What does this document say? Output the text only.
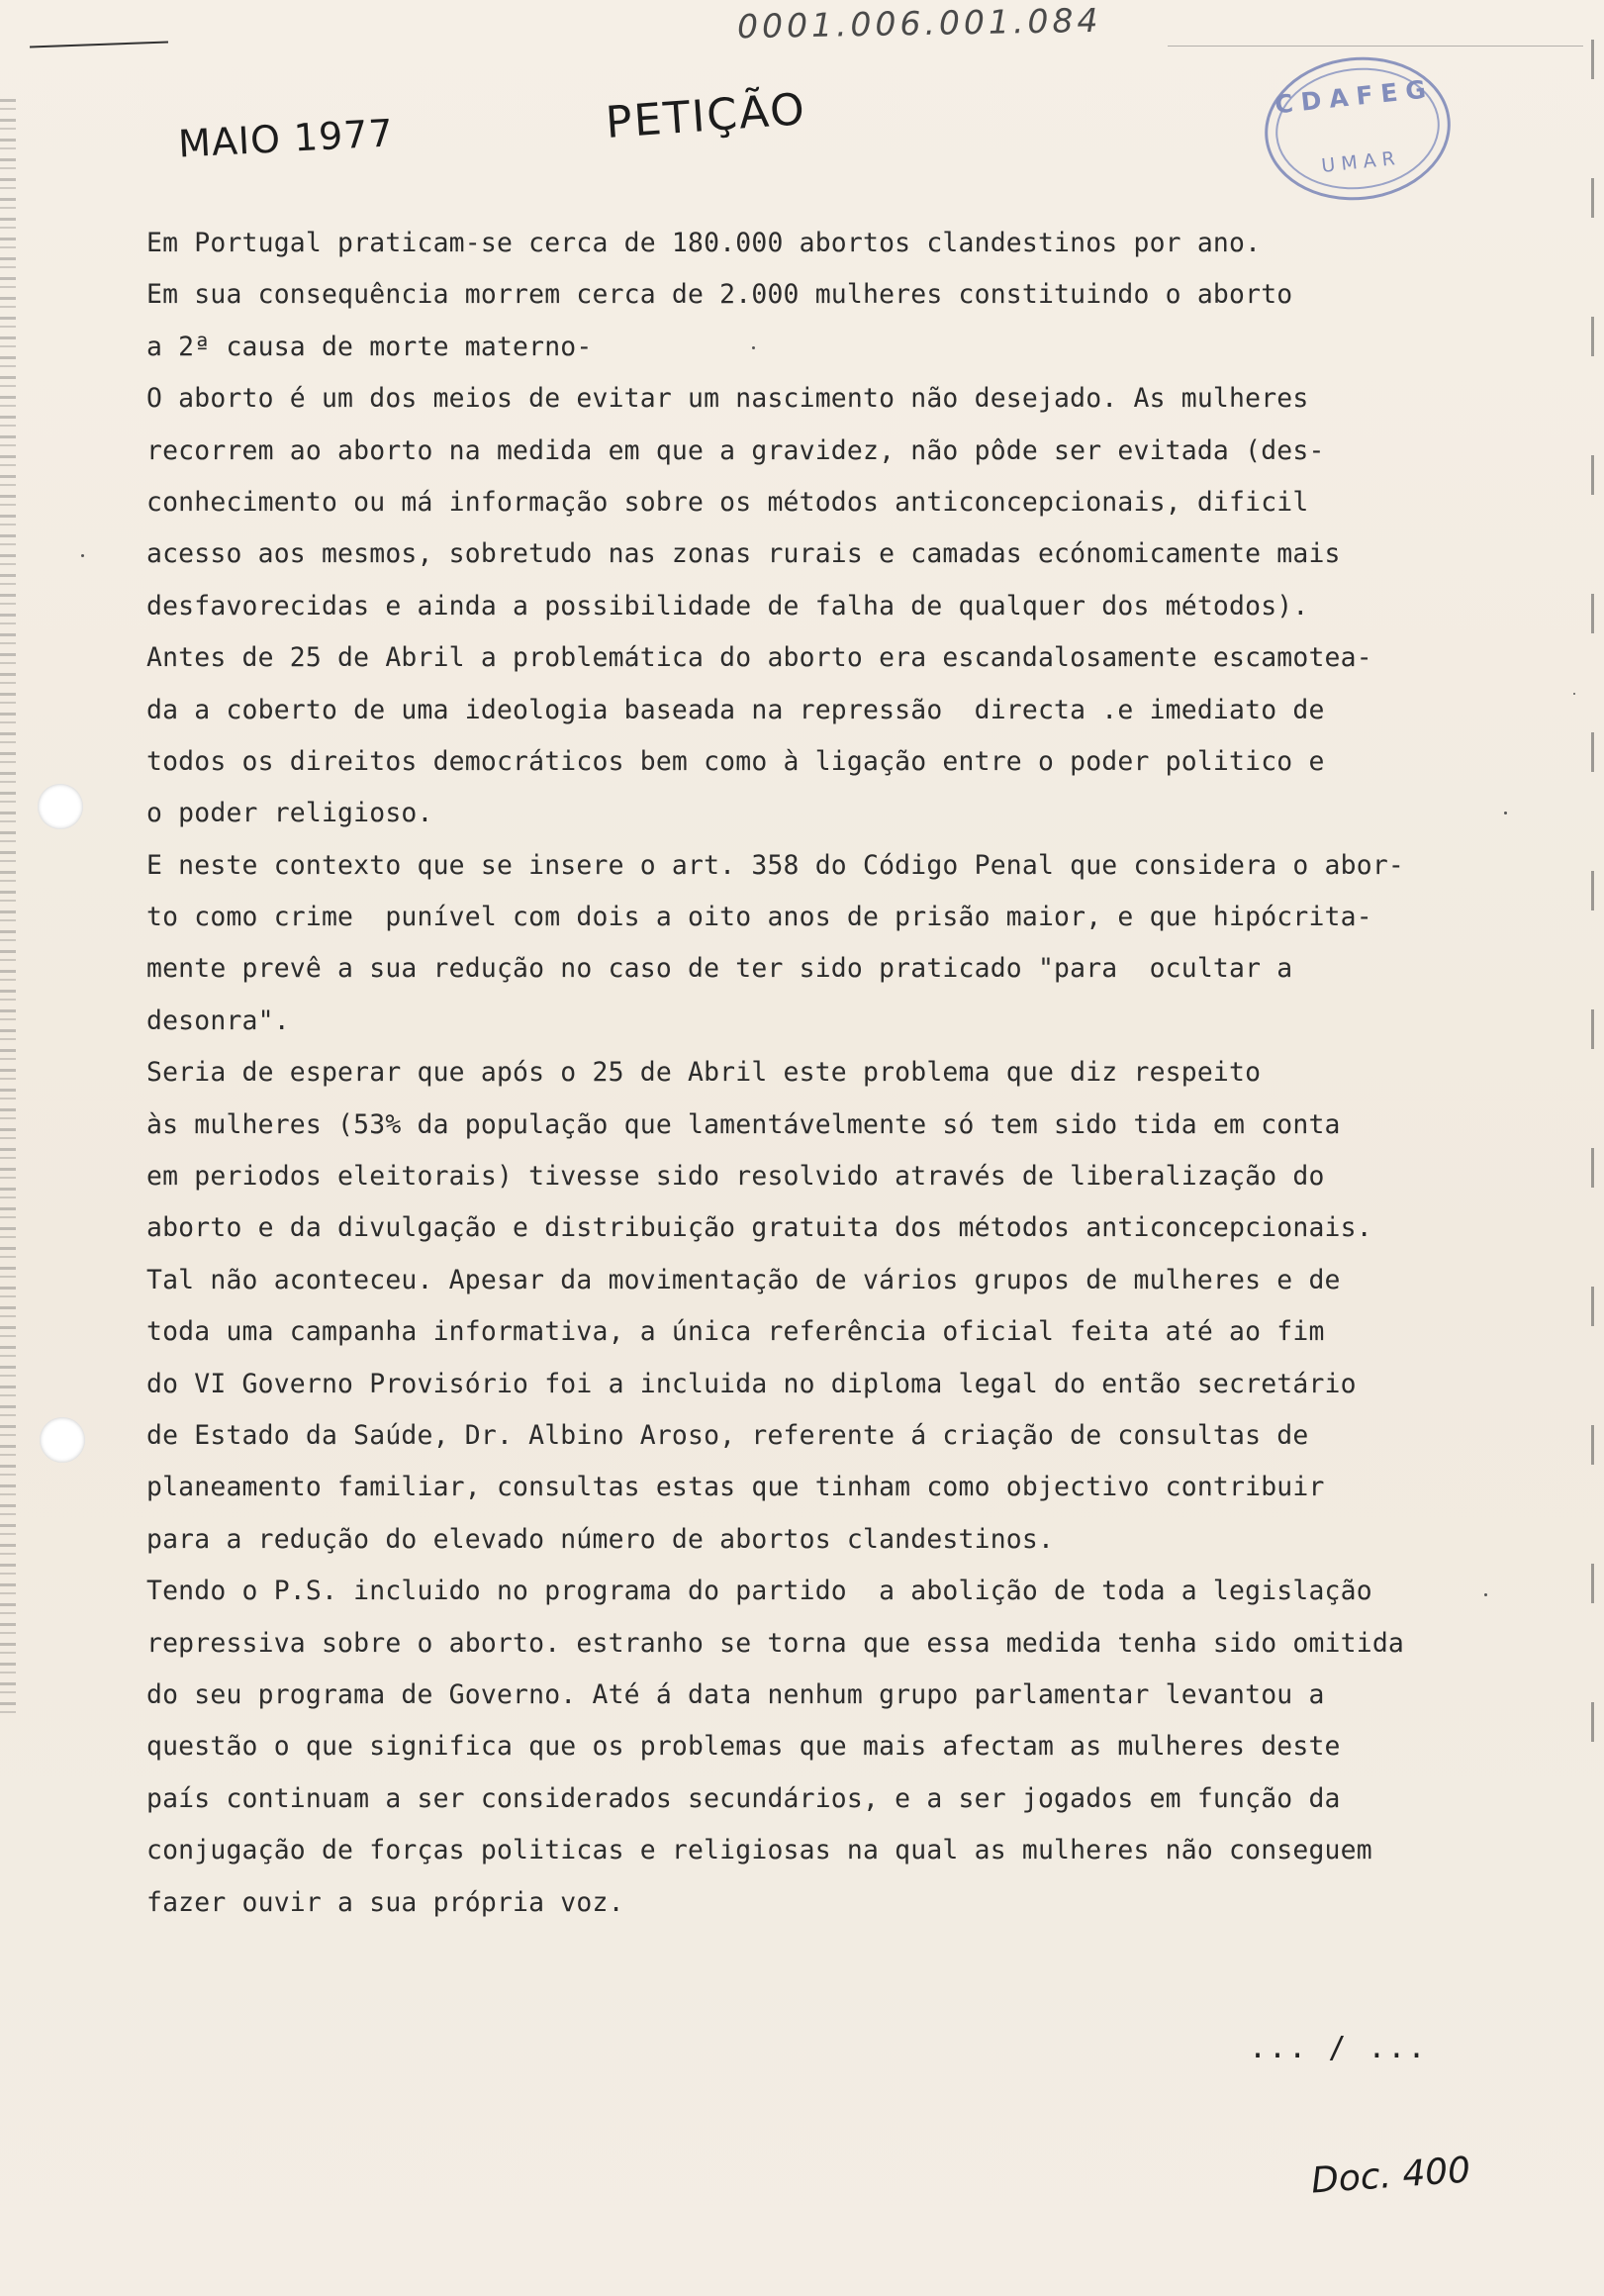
0001.006.001.084
MAIO 1977	PETIÇÃO	CDAFEG
UMAR
Em Portugal praticam-se cerca de 180.000 abortos clandestinos por ano.
Em sua consequência morrem cerca de 2.000 mulheres constituindo o aborto
a 2ª causa de morte materno-
O aborto é um dos meios de evitar um nascimento não desejado. As mulheres
recorrem ao aborto na medida em que a gravidez, não pôde ser evitada (des-
conhecimento ou má informação sobre os métodos anticoncepcionais, dificil
acesso aos mesmos, sobretudo nas zonas rurais e camadas ecónomicamente mais
desfavorecidas e ainda a possibilidade de falha de qualquer dos métodos).
Antes de 25 de Abril a problemática do aborto era escandalosamente escamotea-
da a coberto de uma ideologia baseada na repressão  directa .e imediato de
todos os direitos democráticos bem como à ligação entre o poder politico e
o poder religioso.
E neste contexto que se insere o art. 358 do Código Penal que considera o abor-
to como crime  punível com dois a oito anos de prisão maior, e que hipócrita-
mente prevê a sua redução no caso de ter sido praticado "para  ocultar a
desonra".
Seria de esperar que após o 25 de Abril este problema que diz respeito
às mulheres (53% da população que lamentávelmente só tem sido tida em conta
em periodos eleitorais) tivesse sido resolvido através de liberalização do
aborto e da divulgação e distribuição gratuita dos métodos anticoncepcionais.
Tal não aconteceu. Apesar da movimentação de vários grupos de mulheres e de
toda uma campanha informativa, a única referência oficial feita até ao fim
do VI Governo Provisório foi a incluida no diploma legal do então secretário
de Estado da Saúde, Dr. Albino Aroso, referente á criação de consultas de
planeamento familiar, consultas estas que tinham como objectivo contribuir
para a redução do elevado número de abortos clandestinos.
Tendo o P.S. incluido no programa do partido  a abolição de toda a legislação
repressiva sobre o aborto. estranho se torna que essa medida tenha sido omitida
do seu programa de Governo. Até á data nenhum grupo parlamentar levantou a
questão o que significa que os problemas que mais afectam as mulheres deste
país continuam a ser considerados secundários, e a ser jogados em função da
conjugação de forças politicas e religiosas na qual as mulheres não conseguem
fazer ouvir a sua própria voz.
... / ...
Doc. 400
